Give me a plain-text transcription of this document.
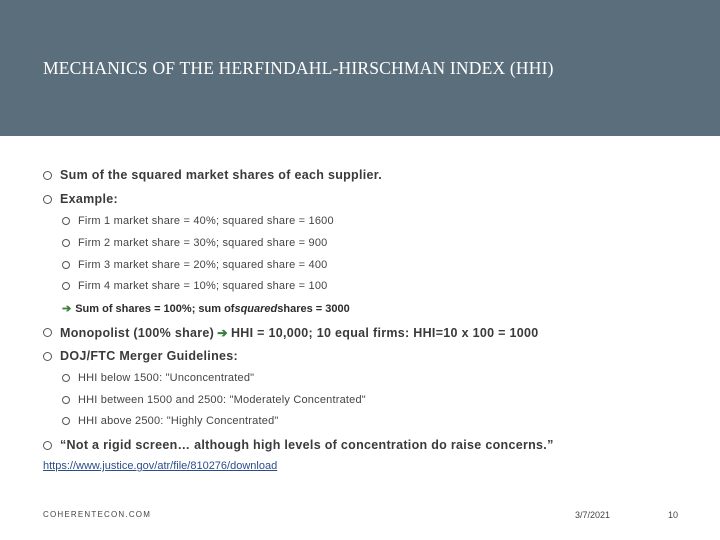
MECHANICS OF THE HERFINDAHL-HIRSCHMAN INDEX (HHI)
Sum of the squared market shares of each supplier.
Example:
Firm 1 market share = 40%; squared share = 1600
Firm 2 market share = 30%; squared share = 900
Firm 3 market share = 20%; squared share = 400
Firm 4 market share = 10%; squared share = 100
➔ Sum of shares = 100%; sum of squared shares = 3000
Monopolist (100% share) ➔ HHI = 10,000; 10 equal firms: HHI=10 x 100 = 1000
DOJ/FTC Merger Guidelines:
HHI below 1500: "Unconcentrated"
HHI between 1500 and 2500: "Moderately Concentrated"
HHI above 2500: "Highly Concentrated"
“Not a rigid screen… although high levels of concentration do raise concerns.”
https://www.justice.gov/atr/file/810276/download
COHERENTECON.COM	3/7/2021	10
